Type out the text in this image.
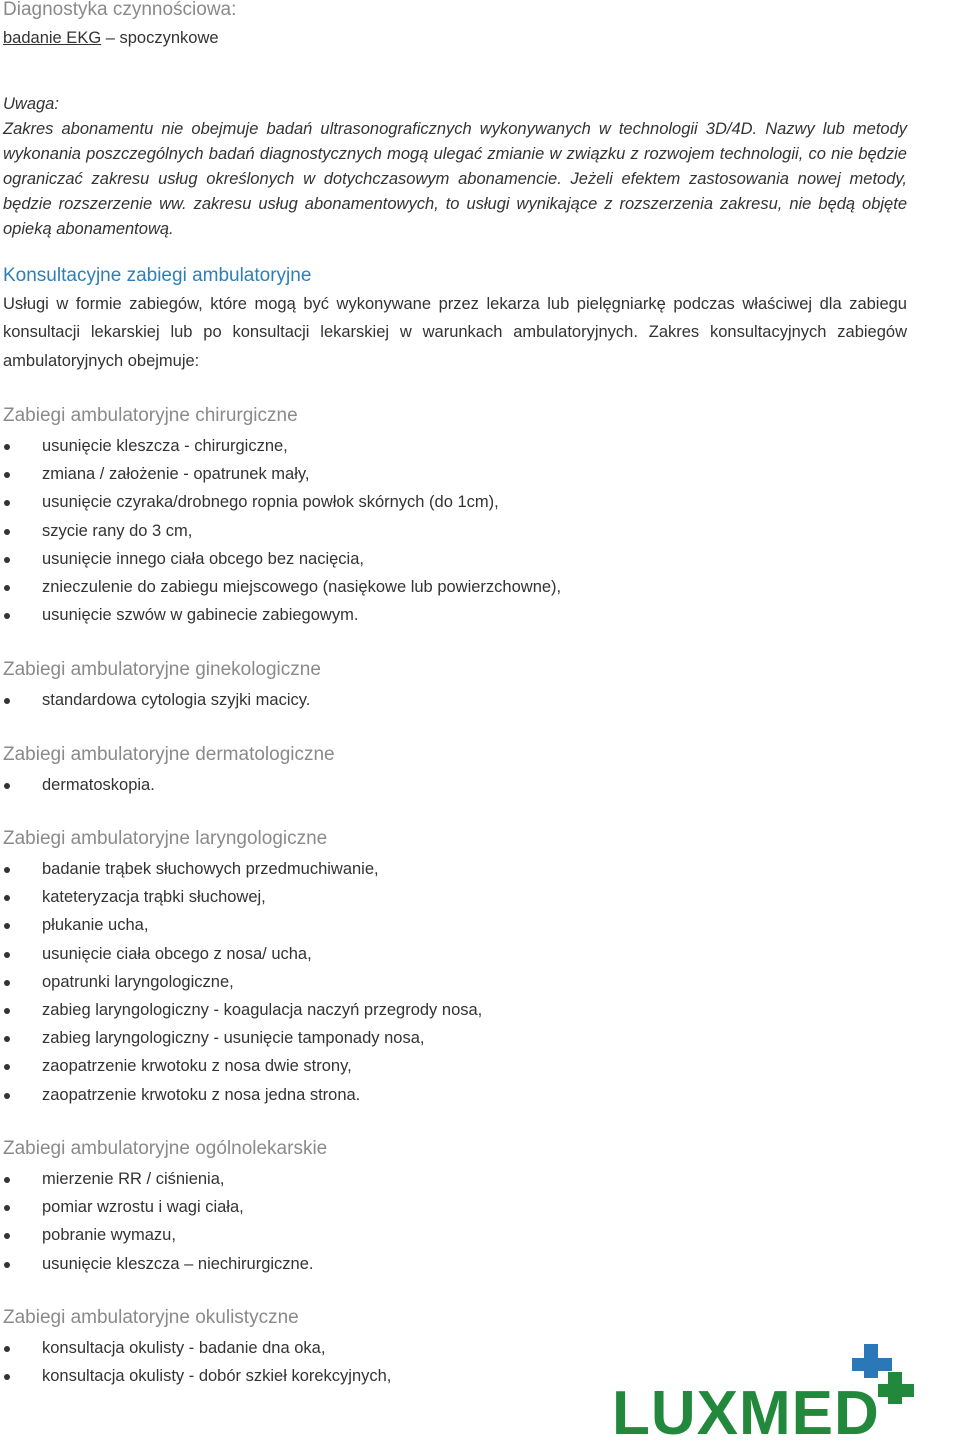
Diagnostyka czynnościowa:

badanie EKG – spoczynkowe

Uwaga:

Zakres abonamentu nie obejmuje badań ultrasonograficznych wykonywanych w technologii 3D/4D. Nazwy lub metody wykonania poszczególnych badań diagnostycznych mogą ulegać zmianie w związku z rozwojem technologii, co nie będzie ograniczać zakresu usług określonych w dotychczasowym abonamencie. Jeżeli efektem zastosowania nowej metody, będzie rozszerzenie ww. zakresu usług abonamentowych, to usługi wynikające z rozszerzenia zakresu, nie będą objęte opieką abonamentową.

Konsultacyjne zabiegi ambulatoryjne

Usługi w formie zabiegów, które mogą być wykonywane przez lekarza lub pielęgniarkę podczas właściwej dla zabiegu konsultacji lekarskiej lub po konsultacji lekarskiej w warunkach ambulatoryjnych. Zakres konsultacyjnych zabiegów ambulatoryjnych obejmuje:

Zabiegi ambulatoryjne chirurgiczne
usunięcie kleszcza - chirurgiczne,
zmiana / założenie - opatrunek mały,
usunięcie czyraka/drobnego ropnia powłok skórnych (do 1cm),
szycie rany do 3 cm,
usunięcie innego ciała obcego bez nacięcia,
znieczulenie do zabiegu miejscowego (nasiękowe lub powierzchowne),
usunięcie szwów w gabinecie zabiegowym.
Zabiegi ambulatoryjne ginekologiczne
standardowa cytologia szyjki macicy.
Zabiegi ambulatoryjne dermatologiczne
dermatoskopia.
Zabiegi ambulatoryjne laryngologiczne
badanie trąbek słuchowych przedmuchiwanie,
kateteryzacja trąbki słuchowej,
płukanie ucha,
usunięcie ciała obcego z nosa/ ucha,
opatrunki laryngologiczne,
zabieg laryngologiczny - koagulacja naczyń przegrody nosa,
zabieg laryngologiczny - usunięcie tamponady nosa,
zaopatrzenie krwotoku z nosa dwie strony,
zaopatrzenie krwotoku z nosa jedna strona.
Zabiegi ambulatoryjne ogólnolekarskie
mierzenie RR / ciśnienia,
pomiar wzrostu i wagi ciała,
pobranie wymazu,
usunięcie kleszcza – niechirurgiczne.
Zabiegi ambulatoryjne okulistyczne
konsultacja okulisty - badanie dna oka,
konsultacja okulisty - dobór szkieł korekcyjnych,
LUXMED
